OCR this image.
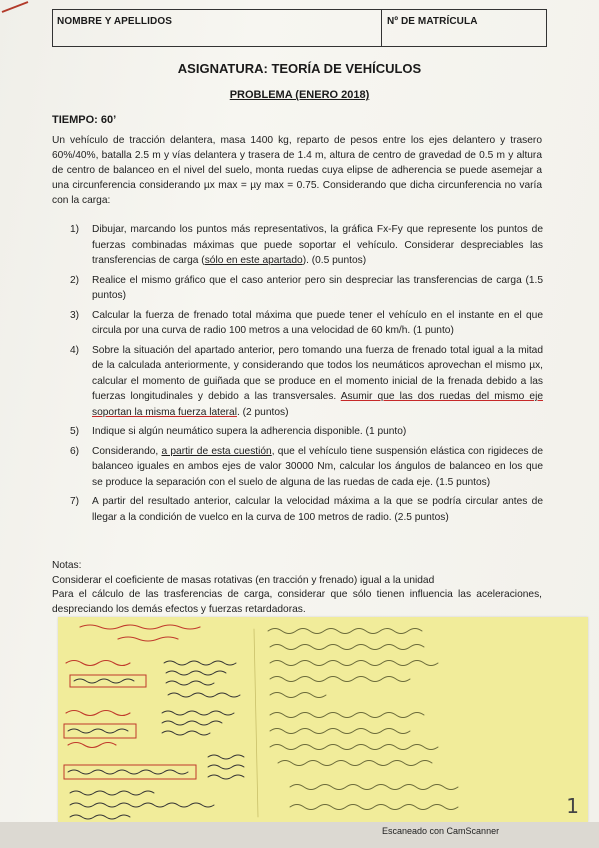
NOMBRE Y APELLIDOS	Nº DE MATRÍCULA
ASIGNATURA: TEORÍA DE VEHÍCULOS
PROBLEMA (ENERO 2018)
TIEMPO: 60’
Un vehículo de tracción delantera, masa 1400 kg, reparto de pesos entre los ejes delantero y trasero 60%/40%, batalla 2.5 m y vías delantera y trasera de 1.4 m, altura de centro de gravedad de 0.5 m y altura de centro de balanceo en el nivel del suelo, monta ruedas cuya elipse de adherencia se puede asemejar a una circunferencia considerando µx max = µy max = 0.75. Considerando que dicha circunferencia no varía con la carga:
1) Dibujar, marcando los puntos más representativos, la gráfica Fx-Fy que represente los puntos de fuerzas combinadas máximas que puede soportar el vehículo. Considerar despreciables las transferencias de carga (sólo en este apartado). (0.5 puntos)
2) Realice el mismo gráfico que el caso anterior pero sin despreciar las transferencias de carga (1.5 puntos)
3) Calcular la fuerza de frenado total máxima que puede tener el vehículo en el instante en el que circula por una curva de radio 100 metros a una velocidad de 60 km/h. (1 punto)
4) Sobre la situación del apartado anterior, pero tomando una fuerza de frenado total igual a la mitad de la calculada anteriormente, y considerando que todos los neumáticos aprovechan el mismo µx, calcular el momento de guiñada que se produce en el momento inicial de la frenada debido a las fuerzas longitudinales y debido a las transversales. Asumir que las dos ruedas del mismo eje soportan la misma fuerza lateral. (2 puntos)
5) Indique si algún neumático supera la adherencia disponible. (1 punto)
6) Considerando, a partir de esta cuestión, que el vehículo tiene suspensión elástica con rigideces de balanceo iguales en ambos ejes de valor 30000 Nm, calcular los ángulos de balanceo en los que se produce la separación con el suelo de alguna de las ruedas de cada eje. (1.5 puntos)
7) A partir del resultado anterior, calcular la velocidad máxima a la que se podría circular antes de llegar a la condición de vuelco en la curva de 100 metros de radio. (2.5 puntos)
Notas:
Considerar el coeficiente de masas rotativas (en tracción y frenado) igual a la unidad
Para el cálculo de las trasferencias de carga, considerar que sólo tienen influencia las aceleraciones, despreciando los demás efectos y fuerzas retardadoras.
1
Escaneado con CamScanner
